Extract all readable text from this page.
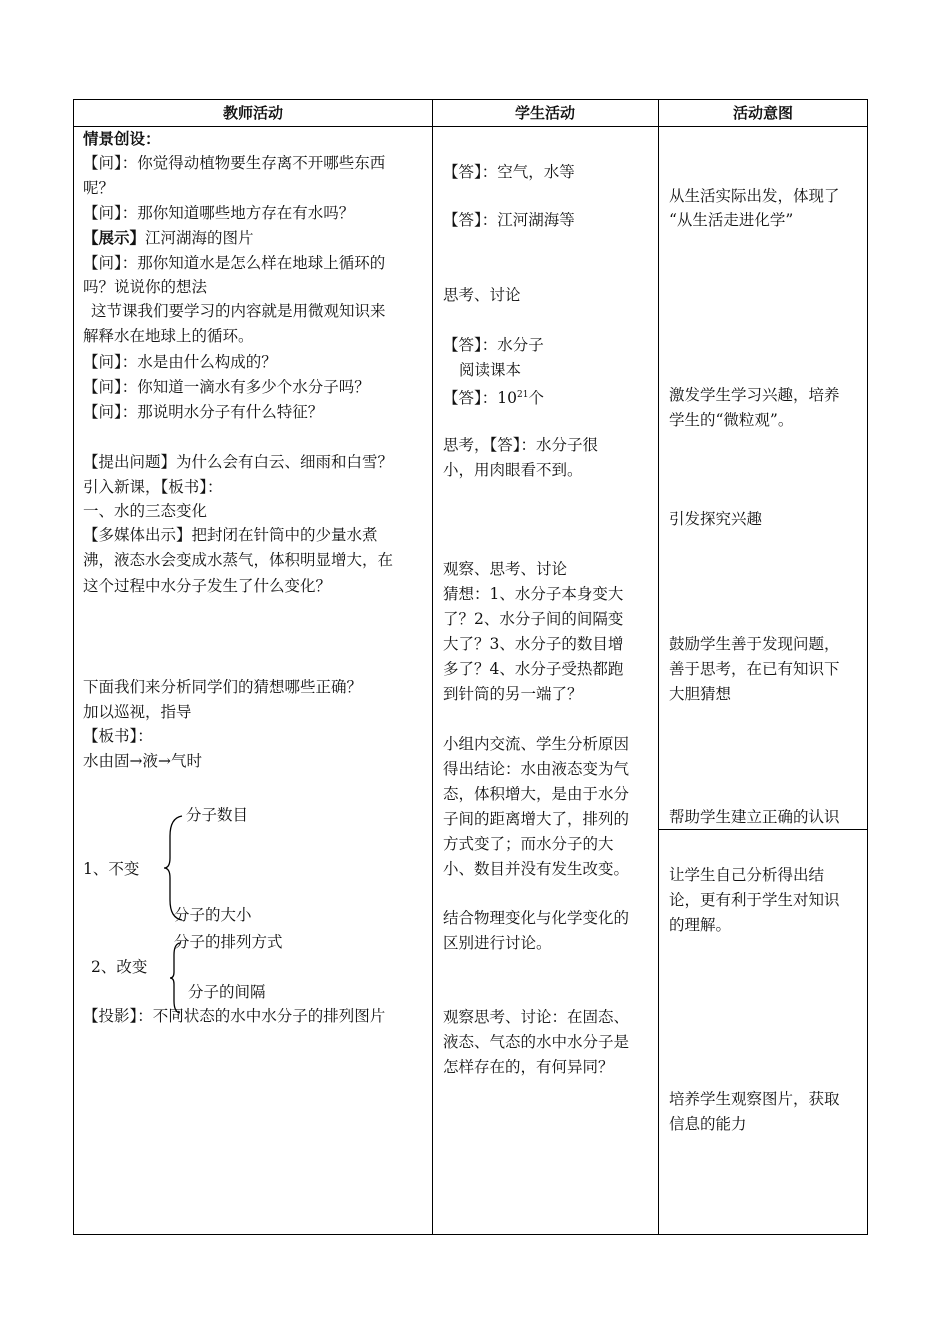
教师活动	学生活动	活动意图
情景创设：
【问】：你觉得动植物要生存离不开哪些东西
呢？
【问】：那你知道哪些地方存在有水吗？
【展示】江河湖海的图片
【问】：那你知道水是怎么样在地球上循环的
吗？说说你的想法
这节课我们要学习的内容就是用微观知识来
解释水在地球上的循环。
【问】：水是由什么构成的？
【问】：你知道一滴水有多少个水分子吗？
【问】：那说明水分子有什么特征？
【提出问题】为什么会有白云、细雨和白雪？
引入新课，【板书】：
一、水的三态变化
【多媒体出示】把封闭在针筒中的少量水煮
沸，液态水会变成水蒸气，体积明显增大，在
这个过程中水分子发生了什么变化？
下面我们来分析同学们的猜想哪些正确？
加以巡视，指导
【板书】：
水由固→液→气时
分子数目
1、不变
分子的大小
分子的排列方式
2、改变
分子的间隔
【投影】：不同状态的水中水分子的排列图片
【答】：空气，水等
【答】：江河湖海等
思考、讨论
【答】：水分子
阅读课本
【答】：$10^{21}$个
思考，【答】：水分子很
小，用肉眼看不到。
观察、思考、讨论
猜想：1、水分子本身变大
了？2、水分子间的间隔变
大了？3、水分子的数目增
多了？4、水分子受热都跑
到针筒的另一端了？
小组内交流、学生分析原因
得出结论：水由液态变为气
态，体积增大，是由于水分
子间的距离增大了，排列的
方式变了；而水分子的大
小、数目并没有发生改变。
结合物理变化与化学变化的
区别进行讨论。
观察思考、讨论：在固态、
液态、气态的水中水分子是
怎样存在的，有何异同？
从生活实际出发，体现了
“从生活走进化学”
激发学生学习兴趣，培养
学生的“微粒观”。
引发探究兴趣
鼓励学生善于发现问题，
善于思考，在已有知识下
大胆猜想
帮助学生建立正确的认识
让学生自己分析得出结
论，更有利于学生对知识
的理解。
培养学生观察图片，获取
信息的能力
